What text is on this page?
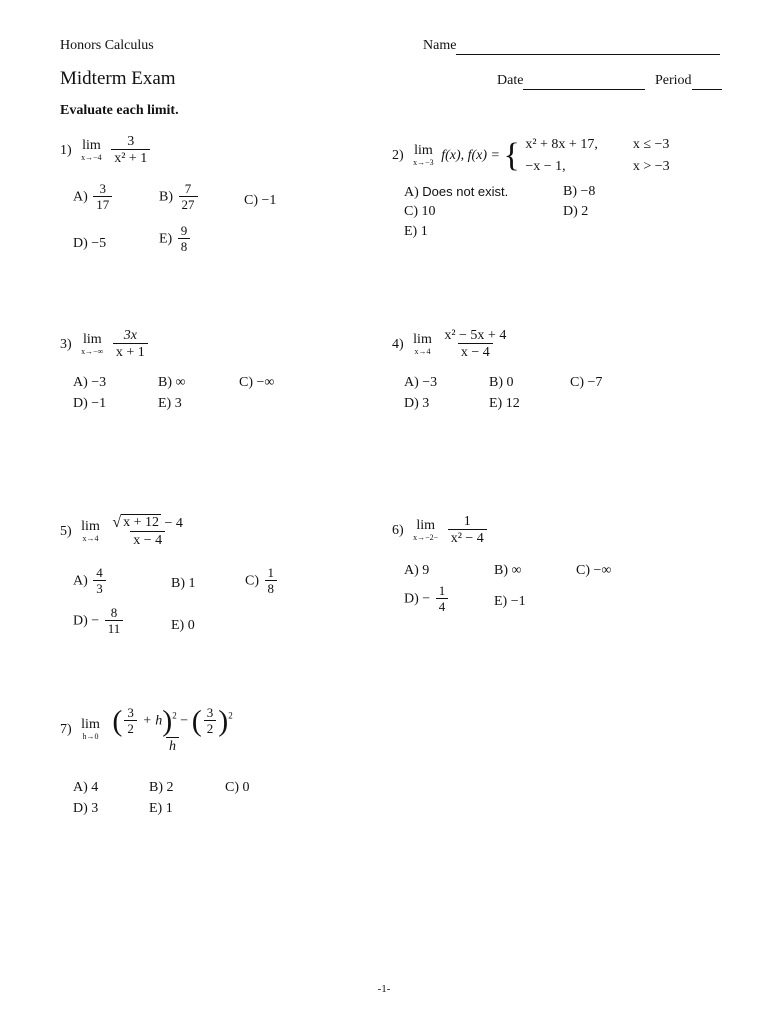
Honors Calculus	Name
Midterm Exam	Date	Period
Evaluate each limit.
1) lim
x→−4
$\frac{3}{\text{x² + 1}}$
$A) \frac{3}{17}$	$B) \frac{7}{27}$	C) −1
D) −5	$E) \frac{9}{8}$
2) lim
x→−3 f(x), f(x) = { x² + 8x + 17,	x ≤ −3
−x − 1,	x > −3
A) Does not exist.	B) −8
C) 10	D) 2
E) 1
3) lim
x→−∞
$\frac{3x}{x + 1}$
A) −3	B) ∞	C) −∞
D) −1	E) 3
4) lim
x→4
$\frac{\text{x² − 5x + 4}}{x - 4}$
A) −3	B) 0	C) −7
D) 3	E) 12
5) lim
x→4
$\frac{√ x + 12 - 4}{x - 4}$
$A) \frac{4}{3}$	B) 1	$C) \frac{1}{8}$
$D) - \frac{8}{11}$	E) 0
6) lim
x→−2−
$\frac{1}{\text{x² − 4}}$
A) 9	B) ∞	C) −∞
$D) - \frac{1}{4}$	E) −1
7) lim
h→0
$\frac{( \frac{3}{2} + h)^2 - ( \frac{3}{2} )^2}{h}$
A) 4	B) 2	C) 0
D) 3	E) 1
-1-
